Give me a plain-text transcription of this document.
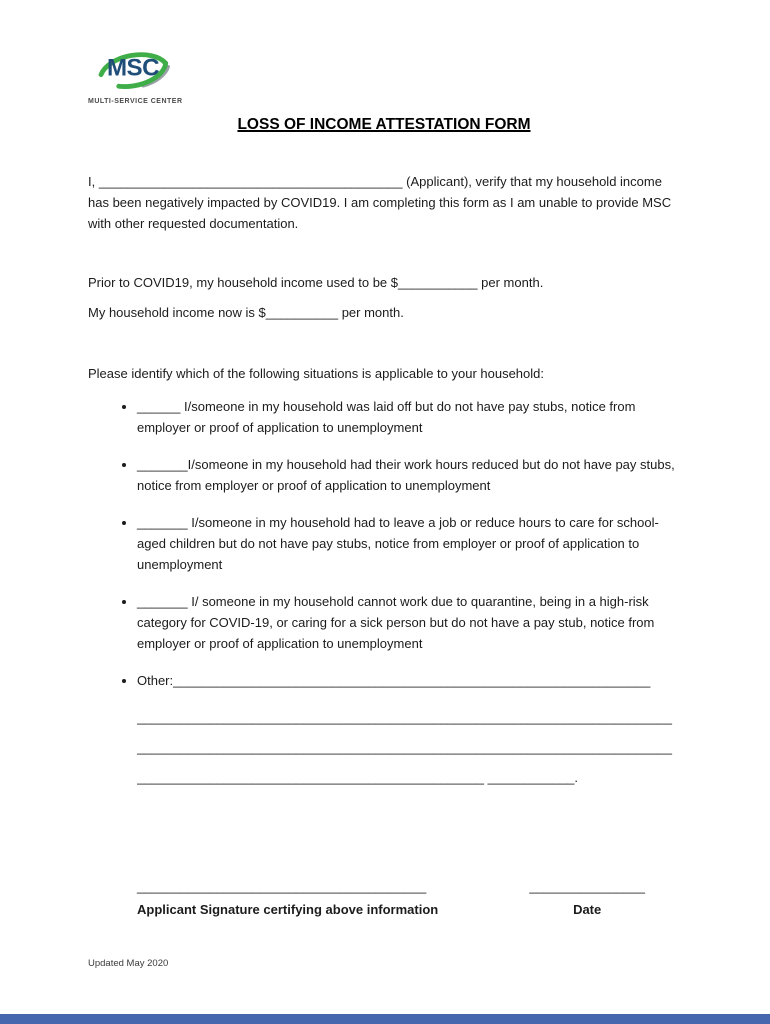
MSC
MULTI-SERVICE CENTER
LOSS OF INCOME ATTESTATION FORM

I, __________________________________________ (Applicant), verify that my household income has been negatively impacted by COVID19. I am completing this form as I am unable to provide MSC with other requested documentation.

Prior to COVID19, my household income used to be $___________ per month.

My household income now is $__________ per month.

Please identify which of the following situations is applicable to your household:

• ______ I/someone in my household was laid off but do not have pay stubs, notice from employer or proof of application to unemployment
• _______I/someone in my household had their work hours reduced but do not have pay stubs, notice from employer or proof of application to unemployment
• _______ I/someone in my household had to leave a job or reduce hours to care for school-aged children but do not have pay stubs, notice from employer or proof of application to unemployment
• _______ I/ someone in my household cannot work due to quarantine, being in a high-risk category for COVID-19, or caring for a sick person but do not have a pay stub, notice from employer or proof of application to unemployment
• Other:__________________________________________________________________
__________________________________________________________________________
__________________________________________________________________________
________________________________________________ ____________.
________________________________________
Applicant Signature certifying above information
________________
Date
Updated May 2020
